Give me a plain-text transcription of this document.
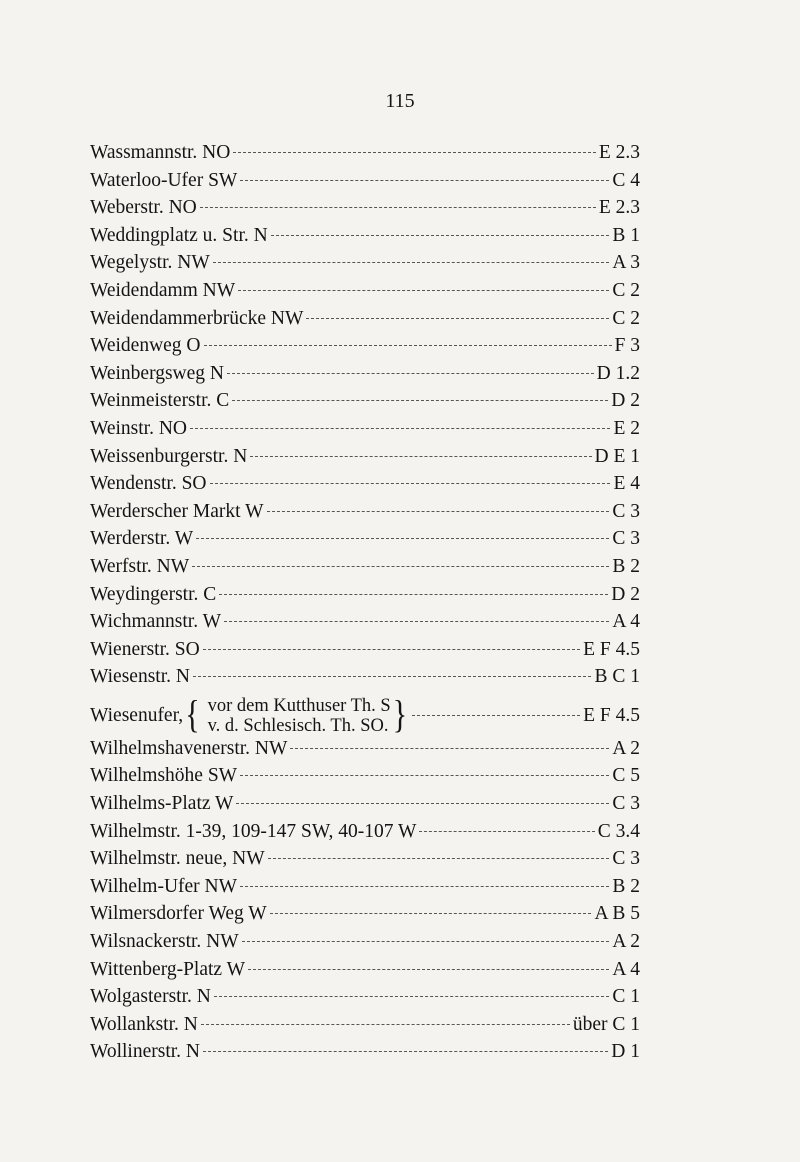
115
Wassmannstr. NO	E 2.3
Waterloo-Ufer SW	C 4
Weberstr. NO	E 2.3
Weddingplatz u. Str. N	B 1
Wegelystr. NW	A 3
Weidendamm NW	C 2
Weidendammerbrücke NW	C 2
Weidenweg O	F 3
Weinbergsweg N	D 1.2
Weinmeisterstr. C	D 2
Weinstr. NO	E 2
Weissenburgerstr. N	D E 1
Wendenstr. SO	E 4
Werderscher Markt W	C 3
Werderstr. W	C 3
Werfstr. NW	B 2
Weydingerstr. C	D 2
Wichmannstr. W	A 4
Wienerstr. SO	E F 4.5
Wiesenstr. N	B C 1
Wiesenufer, { vor dem Kutthuser Th. S
v. d. Schlesisch. Th. SO. }	E F 4.5
Wilhelmshavenerstr. NW	A 2
Wilhelmshöhe SW	C 5
Wilhelms-Platz W	C 3
Wilhelmstr. 1-39, 109-147 SW, 40-107 W	C 3.4
Wilhelmstr. neue, NW	C 3
Wilhelm-Ufer NW	B 2
Wilmersdorfer Weg W	A B 5
Wilsnackerstr. NW	A 2
Wittenberg-Platz W	A 4
Wolgasterstr. N	C 1
Wollankstr. N	über C 1
Wollinerstr. N	D 1
